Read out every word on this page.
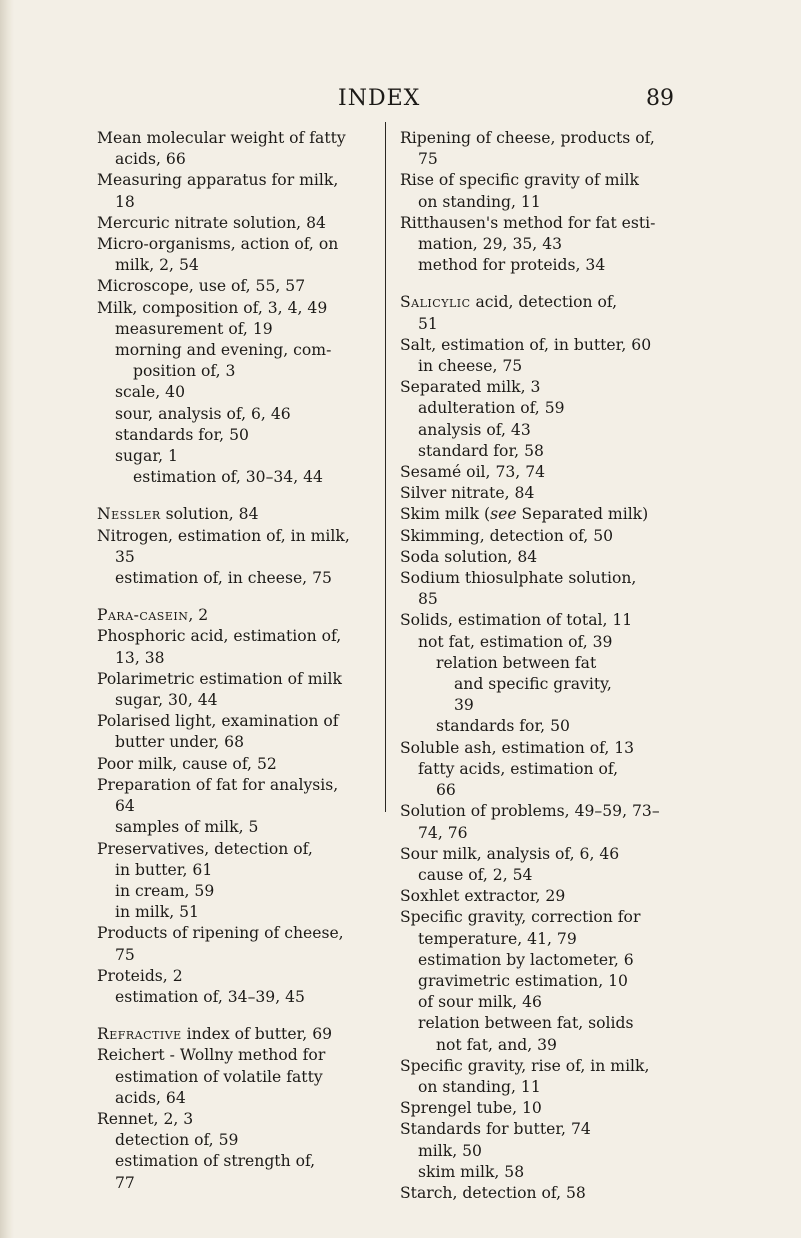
INDEX	89
Mean molecular weight of fatty
acids, 66
Measuring apparatus for milk,
18
Mercuric nitrate solution, 84
Micro-organisms, action of, on
milk, 2, 54
Microscope, use of, 55, 57
Milk, composition of, 3, 4, 49
measurement of, 19
morning and evening, com-
position of, 3
scale, 40
sour, analysis of, 6, 46
standards for, 50
sugar, 1
estimation of, 30–34, 44
Nessler solution, 84
Nitrogen, estimation of, in milk,
35
estimation of, in cheese, 75
Para-casein, 2
Phosphoric acid, estimation of,
13, 38
Polarimetric estimation of milk
sugar, 30, 44
Polarised light, examination of
butter under, 68
Poor milk, cause of, 52
Preparation of fat for analysis,
64
samples of milk, 5
Preservatives, detection of,
in butter, 61
in cream, 59
in milk, 51
Products of ripening of cheese,
75
Proteids, 2
estimation of, 34–39, 45
Refractive index of butter, 69
Reichert - Wollny method for
estimation of volatile fatty
acids, 64
Rennet, 2, 3
detection of, 59
estimation of strength of,
77
Ripening of cheese, products of,
75
Rise of specific gravity of milk
on standing, 11
Ritthausen's method for fat esti-
mation, 29, 35, 43
method for proteids, 34
Salicylic acid, detection of,
51
Salt, estimation of, in butter, 60
in cheese, 75
Separated milk, 3
adulteration of, 59
analysis of, 43
standard for, 58
Sesamé oil, 73, 74
Silver nitrate, 84
Skim milk (see Separated milk)
Skimming, detection of, 50
Soda solution, 84
Sodium thiosulphate solution,
85
Solids, estimation of total, 11
not fat, estimation of, 39
relation between fat
and specific gravity,
39
standards for, 50
Soluble ash, estimation of, 13
fatty acids, estimation of,
66
Solution of problems, 49–59, 73–
74, 76
Sour milk, analysis of, 6, 46
cause of, 2, 54
Soxhlet extractor, 29
Specific gravity, correction for
temperature, 41, 79
estimation by lactometer, 6
gravimetric estimation, 10
of sour milk, 46
relation between fat, solids
not fat, and, 39
Specific gravity, rise of, in milk,
on standing, 11
Sprengel tube, 10
Standards for butter, 74
milk, 50
skim milk, 58
Starch, detection of, 58
